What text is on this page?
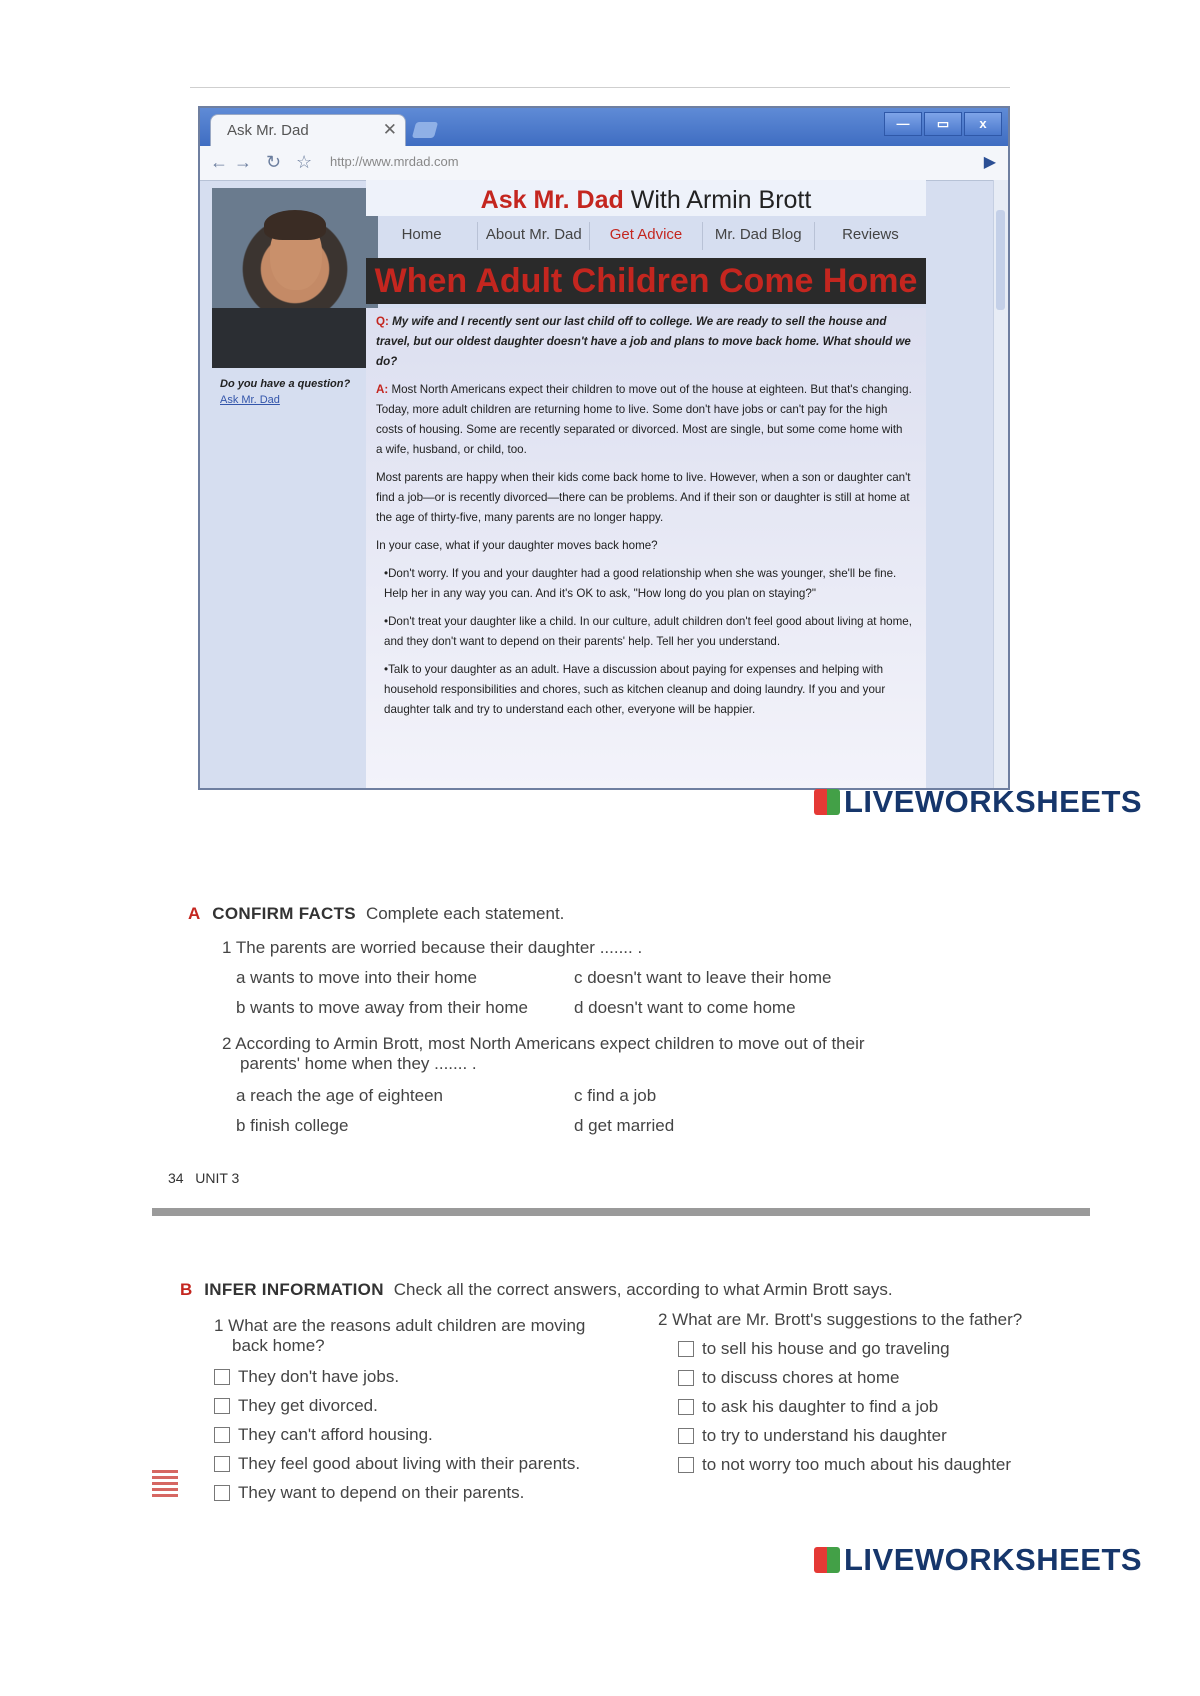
Ask Mr. Dad	✕	—	▭	x
← → ↻ ☆ http://www.mrdad.com	▶
Do you have a question?
Ask Mr. Dad
Ask Mr. Dad With Armin Brott
Home	About Mr. Dad	Get Advice	Mr. Dad Blog	Reviews
When Adult Children Come Home

Q: My wife and I recently sent our last child off to college. We are ready to sell the house and travel, but our oldest daughter doesn't have a job and plans to move back home. What should we do?

A: Most North Americans expect their children to move out of the house at eighteen. But that's changing. Today, more adult children are returning home to live. Some don't have jobs or can't pay for the high costs of housing. Some are recently separated or divorced. Most are single, but some come home with a wife, husband, or child, too.

Most parents are happy when their kids come back home to live. However, when a son or daughter can't find a job—or is recently divorced—there can be problems. And if their son or daughter is still at home at the age of thirty-five, many parents are no longer happy.

In your case, what if your daughter moves back home?

• Don't worry. If you and your daughter had a good relationship when she was younger, she'll be fine. Help her in any way you can. And it's OK to ask, "How long do you plan on staying?"
• Don't treat your daughter like a child. In our culture, adult children don't feel good about living at home, and they don't want to depend on their parents' help. Tell her you understand.
• Talk to your daughter as an adult. Have a discussion about paying for expenses and helping with household responsibilities and chores, such as kitchen cleanup and doing laundry. If you and your daughter talk and try to understand each other, everyone will be happier.
LIVEWORKSHEETS
A CONFIRM FACTS Complete each statement.
1 The parents are worried because their daughter ....... .
a wants to move into their home	c doesn't want to leave their home
b wants to move away from their home	d doesn't want to come home
2 According to Armin Brott, most North Americans expect children to move out of their
parents' home when they ....... .
a reach the age of eighteen	c find a job
b finish college	d get married
34 UNIT 3
B INFER INFORMATION Check all the correct answers, according to what Armin Brott says.
1 What are the reasons adult children are moving
back home?
They don't have jobs.
They get divorced.
They can't afford housing.
They feel good about living with their parents.
They want to depend on their parents.
2 What are Mr. Brott's suggestions to the father?
to sell his house and go traveling
to discuss chores at home
to ask his daughter to find a job
to try to understand his daughter
to not worry too much about his daughter
LIVEWORKSHEETS
